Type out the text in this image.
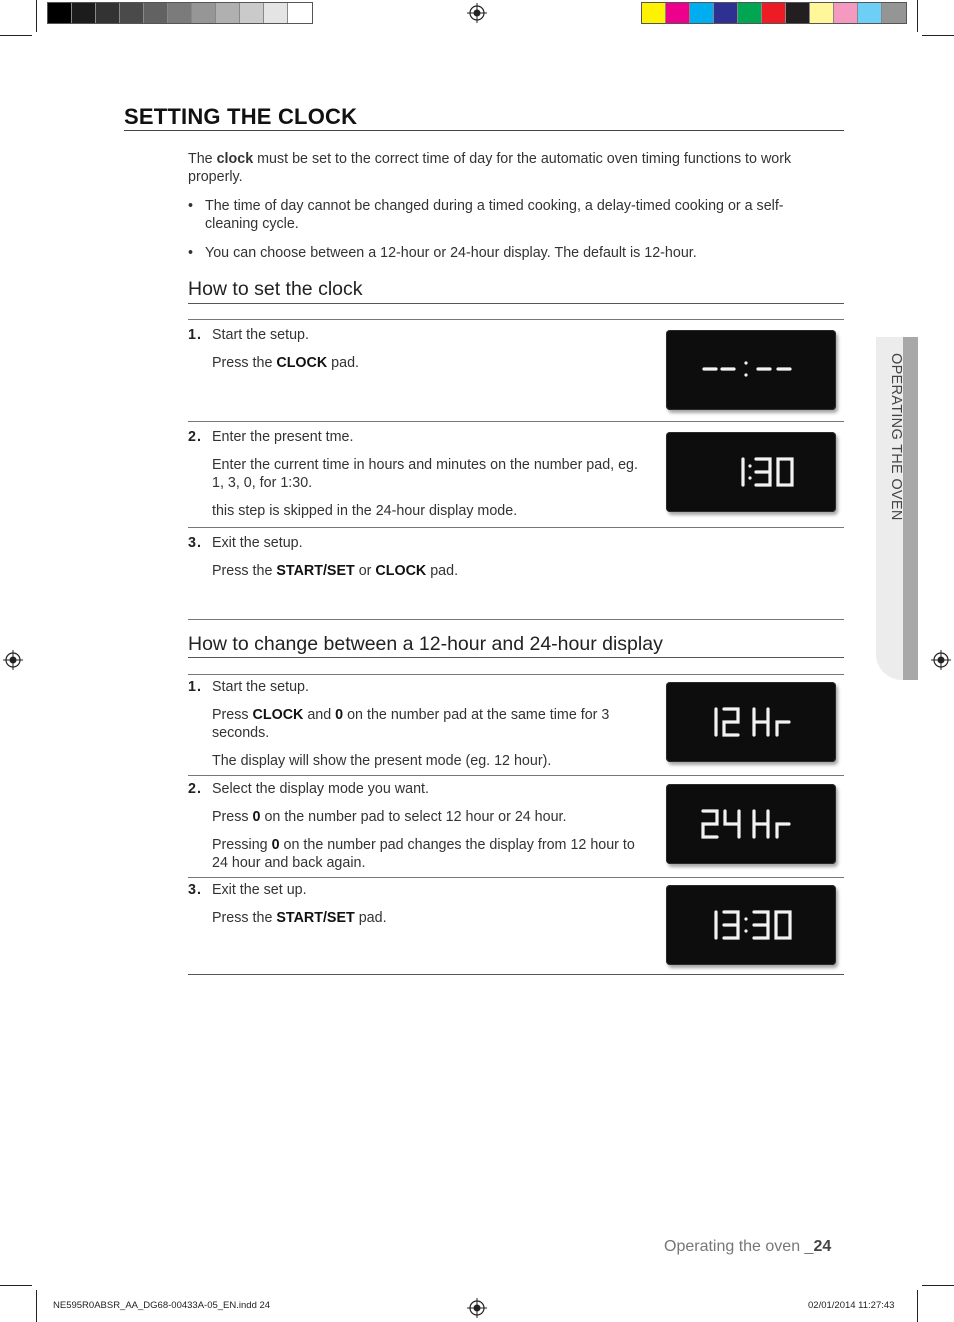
SETTING THE CLOCK
The clock must be set to the correct time of day for the automatic oven timing functions to work properly.
• The time of day cannot be changed during a timed cooking, a delay-timed cooking or a self-cleaning cycle.
• You can choose between a 12-hour or 24-hour display. The default is 12-hour.
How to set the clock
1 . Start the setup.

Press the CLOCK pad.

2 . Enter the present tme.

Enter the current time in hours and minutes on the number pad, eg. 1, 3, 0, for 1:30.

this step is skipped in the 24-hour display mode.

3 . Exit the setup.

Press the START/SET or CLOCK pad.

How to change between a 12-hour and 24-hour display
1 . Start the setup.

Press CLOCK and 0 on the number pad at the same time for 3 seconds.

The display will show the present mode (eg. 12 hour).

2 . Select the display mode you want.

Press 0 on the number pad to select 12 hour or 24 hour.

Pressing 0 on the number pad changes the display from 12 hour to 24 hour and back again.

3 . Exit the set up.

Press the START/SET pad.

OPERATING THE OVEN
Operating the oven _24
NE595R0ABSR_AA_DG68-00433A-05_EN.indd 24	02/01/2014 11:27:43
